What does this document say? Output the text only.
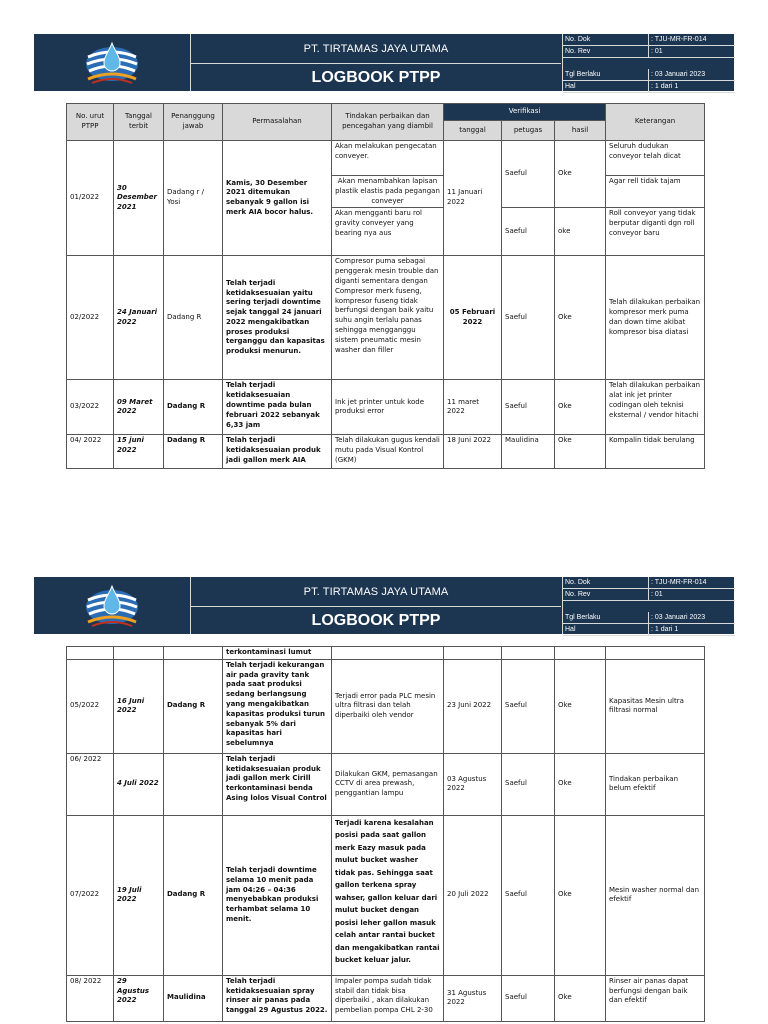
PT. TIRTAMAS JAYA UTAMA
LOGBOOK PTPP
No. Dok	: TJU-MR-FR-014
No. Rev	: 01
Tgl Berlaku	: 03 Januari 2023
Hal	: 1 dari 1
No. urut PTPP	Tanggal terbit	Penanggung jawab	Permasalahan	Tindakan perbaikan dan pencegahan yang diambil	Verifikasi			Keterangan
					tanggal	petugas	hasil	
01/2022	30 Desember 2021	Dadang r / Yosi	Kamis, 30 Desember 2021 ditemukan sebanyak 9 gallon isi merk AIA bocor halus.	Akan melakukan pengecatan conveyer.	11 Januari 2022	Saeful	Oke	Seluruh dudukan conveyor telah dicat
				Akan menambahkan lapisan plastik elastis pada pegangan conveyer				Agar rell tidak tajam
				Akan mengganti baru rol gravity conveyer yang bearing nya aus		Saeful	oke	Roll conveyor yang tidak berputar diganti dgn roll conveyor baru
02/2022	24 Januari 2022	Dadang R	Telah terjadi ketidaksesuaian yaitu sering terjadi downtime sejak tanggal 24 januari 2022 mengakibatkan proses produksi terganggu dan kapasitas produksi menurun.	Compresor puma sebagai penggerak mesin trouble dan diganti sementara dengan Compresor merk fuseng, kompresor fuseng tidak berfungsi dengan baik yaitu suhu angin terlalu panas sehingga mengganggu sistem pneumatic mesin washer dan filler	05 Februari 2022	Saeful	Oke	Telah dilakukan perbaikan kompresor merk puma dan down time akibat kompresor bisa diatasi
03/2022	09 Maret 2022	Dadang R	Telah terjadi ketidaksesuaian downtime pada bulan februari 2022 sebanyak 6,33 jam	Ink jet printer untuk kode produksi error	11 maret 2022	Saeful	Oke	Telah dilakukan perbaikan alat ink jet printer codingan oleh teknisi eksternal / vendor hitachi
04/ 2022	15 juni 2022	Dadang R	Telah terjadi ketidaksesuaian produk jadi gallon merk AIA	Telah dilakukan gugus kendali mutu pada Visual Kontrol (GKM)	18 Juni 2022	Maulidina	Oke	Kompalin tidak berulang
PT. TIRTAMAS JAYA UTAMA
LOGBOOK PTPP
No. Dok	: TJU-MR-FR-014
No. Rev	: 01
Tgl Berlaku	: 03 Januari 2023
Hal	: 1 dari 1
			terkontaminasi lumut					
05/2022	16 Juni 2022	Dadang R	Telah terjadi kekurangan air pada gravity tank pada saat produksi sedang berlangsung yang mengakibatkan kapasitas produksi turun sebanyak 5% dari kapasitas hari sebelumnya	Terjadi error pada PLC mesin ultra filtrasi dan telah diperbaiki oleh vendor	23 Juni 2022	Saeful	Oke	Kapasitas Mesin ultra filtrasi normal
06/ 2022	4 Juli 2022		Telah terjadi ketidaksesuaian produk jadi gallon merk Cirill terkontaminasi benda Asing lolos Visual Control	Dilakukan GKM, pemasangan CCTV di area prewash, penggantian lampu	03 Agustus 2022	Saeful	Oke	Tindakan perbaikan belum efektif
07/2022	19 Juli 2022	Dadang R	Telah terjadi downtime selama 10 menit pada jam 04:26 – 04:36 menyebabkan produksi terhambat selama 10 menit.	Terjadi karena kesalahan posisi pada saat gallon merk Eazy masuk pada mulut bucket washer tidak pas. Sehingga saat gallon terkena spray wahser, gallon keluar dari mulut bucket dengan posisi leher gallon masuk celah antar rantai bucket dan mengakibatkan rantai bucket keluar jalur.	20 Juli 2022	Saeful	Oke	Mesin washer normal dan efektif
08/ 2022	29 Agustus 2022	Maulidina	Telah terjadi ketidaksesuaian spray rinser air panas pada tanggal 29 Agustus 2022.	Impaler pompa sudah tidak stabil dan tidak bisa diperbaiki , akan dilakukan pembelian pompa CHL 2-30	31 Agustus 2022	Saeful	Oke	Rinser air panas dapat berfungsi dengan baik dan efektif
